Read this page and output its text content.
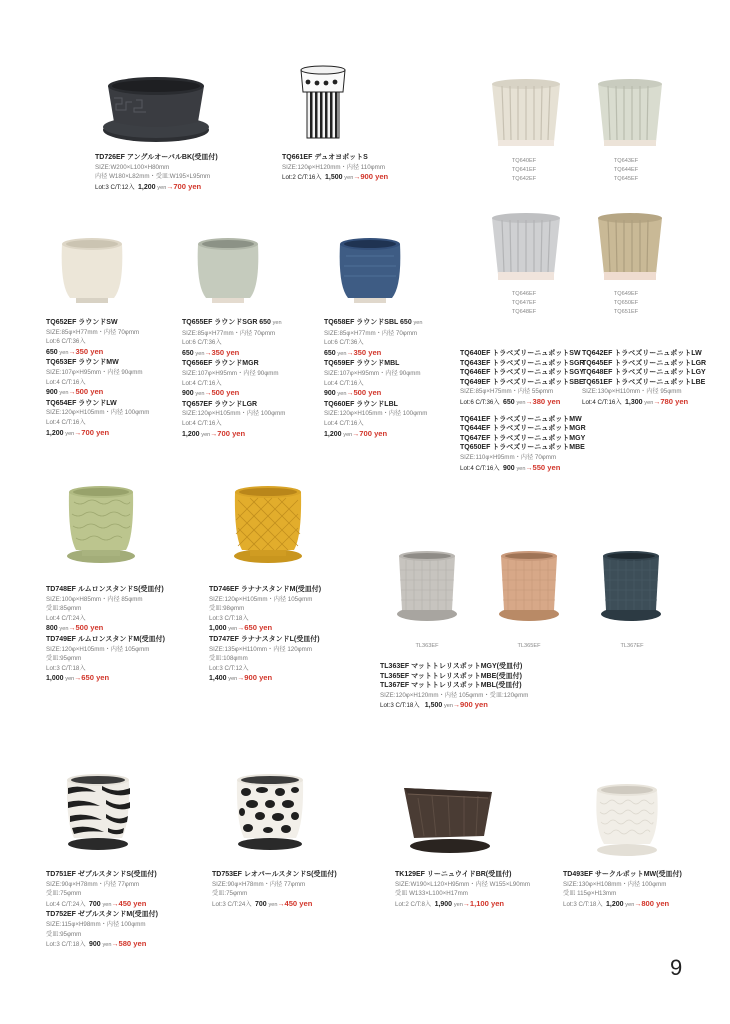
TQ640EF
TQ641EF
TQ642EF
TQ643EF
TQ644EF
TQ645EF
TD726EF アングルオーバルBK(受皿付)
SIZE:W200×L100×H80mm
内径 W180×L82mm・受皿:W195×L95mm
Lot:3 C/T:12入 1,200 yen→700 yen
TQ661EF デュオヨポットS
SIZE:120φ×H120mm・内径 110φmm
Lot:2 C/T:16入 1,500 yen→900 yen
TQ646EF
TQ647EF
TQ648EF
TQ649EF
TQ650EF
TQ651EF
TQ652EF ラウンドSW
SIZE:85φ×H77mm・内径 70φmm
Lot:6 C/T:36入
650 yen→350 yen
TQ653EF ラウンドMW
SIZE:107φ×H95mm・内径 90φmm
Lot:4 C/T:16入
900 yen→500 yen
TQ654EF ラウンドLW
SIZE:120φ×H105mm・内径 100φmm
Lot:4 C/T:16入
1,200 yen→700 yen
TQ655EF ラウンドSGR 650 yen
SIZE:85φ×H77mm・内径 70φmm
Lot:6 C/T:36入
650 yen→350 yen
TQ656EF ラウンドMGR
SIZE:107φ×H95mm・内径 90φmm
Lot:4 C/T:16入
900 yen→500 yen
TQ657EF ラウンドLGR
SIZE:120φ×H105mm・内径 100φmm
Lot:4 C/T:16入
1,200 yen→700 yen
TQ658EF ラウンドSBL 650 yen
SIZE:85φ×H77mm・内径 70φmm
Lot:6 C/T:36入
650 yen→350 yen
TQ659EF ラウンドMBL
SIZE:107φ×H95mm・内径 90φmm
Lot:4 C/T:16入
900 yen→500 yen
TQ660EF ラウンドLBL
SIZE:120φ×H105mm・内径 100φmm
Lot:4 C/T:16入
1,200 yen→700 yen
TQ640EF トラベズリーニュポットSW
TQ643EF トラベズリーニュポットSGR
TQ646EF トラベズリーニュポットSGY
TQ649EF トラベズリーニュポットSBE
SIZE:85φ×H75mm・内径 55φmm
Lot:6 C/T:36入 650 yen→380 yen
TQ641EF トラベズリーニュポットMW
TQ644EF トラベズリーニュポットMGR
TQ647EF トラベズリーニュポットMGY
TQ650EF トラベズリーニュポットMBE
SIZE:110φ×H95mm・内径 70φmm
Lot:4 C/T:16入 900 yen→550 yen
TQ642EF トラベズリーニュポットLW
TQ645EF トラベズリーニュポットLGR
TQ648EF トラベズリーニュポットLGY
TQ651EF トラベズリーニュポットLBE
SIZE:130φ×H110mm・内径 95φmm
Lot:4 C/T:16入 1,300 yen→780 yen
TL363EF	TL365EF	TL367EF
TD748EF ルムロンスタンドS(受皿付)
SIZE:100φ×H85mm・内径 85φmm
受皿:85φmm
Lot:4 C/T:24入
800 yen→500 yen
TD749EF ルムロンスタンドM(受皿付)
SIZE:120φ×H105mm・内径 105φmm
受皿:95φmm
Lot:3 C/T:18入
1,000 yen→650 yen
TD746EF ラナナスタンドM(受皿付)
SIZE:120φ×H105mm・内径 105φmm
受皿:98φmm
Lot:3 C/T:18入
1,000 yen→650 yen
TD747EF ラナナスタンドL(受皿付)
SIZE:135φ×H110mm・内径 120φmm
受皿:108φmm
Lot:3 C/T:12入
1,400 yen→900 yen
TL363EF マットトレリスポットMGY(受皿付)
TL365EF マットトレリスポットMBE(受皿付)
TL367EF マットトレリスポットMBL(受皿付)
SIZE:120φ×H120mm・内径 105φmm・受皿:120φmm
Lot:3 C/T:18入 1,500 yen→900 yen
TD751EF ゼブルスタンドS(受皿付)
SIZE:90φ×H78mm・内径 77φmm
受皿:75φmm
Lot:4 C/T:24入 700 yen→450 yen
TD752EF ゼブルスタンドM(受皿付)
SIZE:115φ×H98mm・内径 100φmm
受皿:95φmm
Lot:3 C/T:18入 900 yen→580 yen
TD753EF レオパールスタンドS(受皿付)
SIZE:90φ×H78mm・内径 77φmm
受皿:75φmm
Lot:3 C/T:24入 700 yen→450 yen
TK129EF リーニュウイドBR(受皿付)
SIZE:W190×L120×H95mm・内径 W155×L90mm
受皿 W133×L100×H17mm
Lot:2 C/T:8入 1,900 yen→1,100 yen
TD493EF サークルポットMW(受皿付)
SIZE:130φ×H108mm・内径 100φmm
受皿 115φ×H13mm
Lot:3 C/T:18入 1,200 yen→800 yen
9
